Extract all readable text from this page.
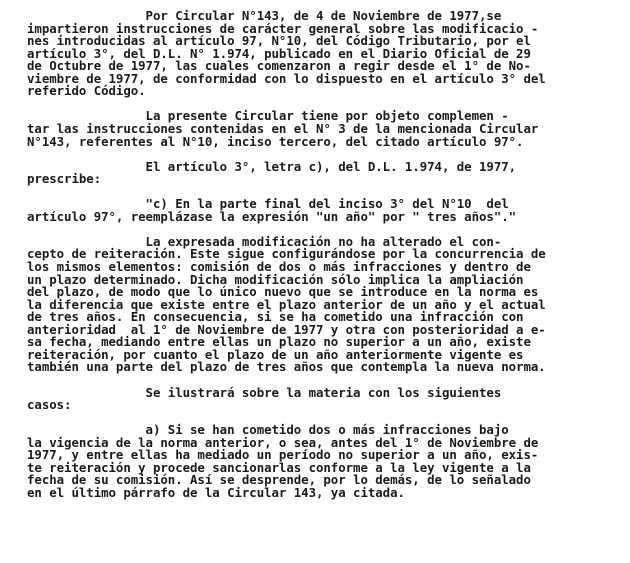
Por Circular N°143, de 4 de Noviembre de 1977,se
impartieron instrucciones de carácter general sobre las modificacio -
nes introducidas al artículo 97, N°10, del Código Tributario, por el
artículo 3°, del D.L. N° 1.974, publicado en el Diario Oficial de 29
de Octubre de 1977, las cuales comenzaron a regir desde el 1° de No-
viembre de 1977, de conformidad con lo dispuesto en el artículo 3° del
referido Código.
La presente Circular tiene por objeto complemen -
tar las instrucciones contenidas en el N° 3 de la mencionada Circular
N°143, referentes al N°10, inciso tercero, del citado artículo 97°.
El artículo 3°, letra c), del D.L. 1.974, de 1977,
prescribe:
"c) En la parte final del inciso 3° del N°10  del
artículo 97°, reemplázase la expresión "un año" por " tres años"."
La expresada modificación no ha alterado el con-
cepto de reiteración. Este sigue configurándose por la concurrencia de
los mismos elementos: comisión de dos o más infracciones y dentro de
un plazo determinado. Dicha modificación sólo implica la ampliación
del plazo, de modo que lo único nuevo que se introduce en la norma es
la diferencia que existe entre el plazo anterior de un año y el actual
de tres años. En consecuencia, si se ha cometido una infracción con
anterioridad  al 1° de Noviembre de 1977 y otra con posterioridad a e-
sa fecha, mediando entre ellas un plazo no superior a un año, existe
reiteración, por cuanto el plazo de un año anteriormente vigente es
también una parte del plazo de tres años que contempla la nueva norma.
Se ilustrará sobre la materia con los siguientes
casos:
a) Si se han cometido dos o más infracciones bajo
la vigencia de la norma anterior, o sea, antes del 1° de Noviembre de
1977, y entre ellas ha mediado un período no superior a un año, exis-
te reiteración y procede sancionarlas conforme a la ley vigente a la
fecha de su comisión. Así se desprende, por lo demás, de lo señalado
en el último párrafo de la Circular 143, ya citada.
